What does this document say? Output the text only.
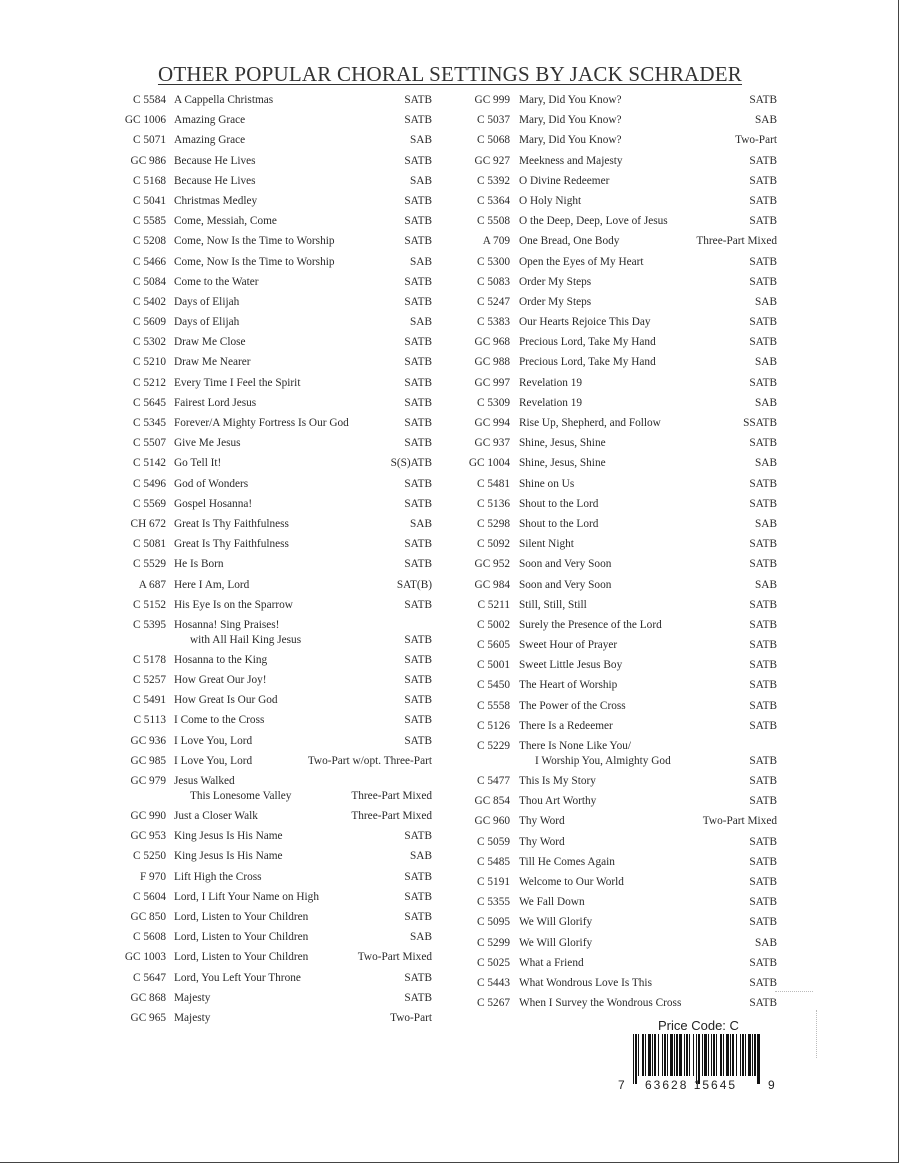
OTHER POPULAR CHORAL SETTINGS BY JACK SCHRADER
C 5584 A Cappella Christmas	SATB
GC 1006 Amazing Grace	SATB
C 5071 Amazing Grace	SAB
GC 986 Because He Lives	SATB
C 5168 Because He Lives	SAB
C 5041 Christmas Medley	SATB
C 5585 Come, Messiah, Come	SATB
C 5208 Come, Now Is the Time to Worship	SATB
C 5466 Come, Now Is the Time to Worship	SAB
C 5084 Come to the Water	SATB
C 5402 Days of Elijah	SATB
C 5609 Days of Elijah	SAB
C 5302 Draw Me Close	SATB
C 5210 Draw Me Nearer	SATB
C 5212 Every Time I Feel the Spirit	SATB
C 5645 Fairest Lord Jesus	SATB
C 5345 Forever/A Mighty Fortress Is Our God	SATB
C 5507 Give Me Jesus	SATB
C 5142 Go Tell It!	S(S)ATB
C 5496 God of Wonders	SATB
C 5569 Gospel Hosanna!	SATB
CH 672 Great Is Thy Faithfulness	SAB
C 5081 Great Is Thy Faithfulness	SATB
C 5529 He Is Born	SATB
A 687 Here I Am, Lord	SAT(B)
C 5152 His Eye Is on the Sparrow	SATB
C 5395 Hosanna! Sing Praises!
with All Hail King Jesus	SATB
C 5178 Hosanna to the King	SATB
C 5257 How Great Our Joy!	SATB
C 5491 How Great Is Our God	SATB
C 5113 I Come to the Cross	SATB
GC 936 I Love You, Lord	SATB
GC 985 I Love You, Lord	Two-Part w/opt. Three-Part
GC 979 Jesus Walked
This Lonesome Valley	Three-Part Mixed
GC 990 Just a Closer Walk	Three-Part Mixed
GC 953 King Jesus Is His Name	SATB
C 5250 King Jesus Is His Name	SAB
F 970 Lift High the Cross	SATB
C 5604 Lord, I Lift Your Name on High	SATB
GC 850 Lord, Listen to Your Children	SATB
C 5608 Lord, Listen to Your Children	SAB
GC 1003 Lord, Listen to Your Children	Two-Part Mixed
C 5647 Lord, You Left Your Throne	SATB
GC 868 Majesty	SATB
GC 965 Majesty	Two-Part
GC 999 Mary, Did You Know?	SATB
C 5037 Mary, Did You Know?	SAB
C 5068 Mary, Did You Know?	Two-Part
GC 927 Meekness and Majesty	SATB
C 5392 O Divine Redeemer	SATB
C 5364 O Holy Night	SATB
C 5508 O the Deep, Deep, Love of Jesus	SATB
A 709 One Bread, One Body	Three-Part Mixed
C 5300 Open the Eyes of My Heart	SATB
C 5083 Order My Steps	SATB
C 5247 Order My Steps	SAB
C 5383 Our Hearts Rejoice This Day	SATB
GC 968 Precious Lord, Take My Hand	SATB
GC 988 Precious Lord, Take My Hand	SAB
GC 997 Revelation 19	SATB
C 5309 Revelation 19	SAB
GC 994 Rise Up, Shepherd, and Follow	SSATB
GC 937 Shine, Jesus, Shine	SATB
GC 1004 Shine, Jesus, Shine	SAB
C 5481 Shine on Us	SATB
C 5136 Shout to the Lord	SATB
C 5298 Shout to the Lord	SAB
C 5092 Silent Night	SATB
GC 952 Soon and Very Soon	SATB
GC 984 Soon and Very Soon	SAB
C 5211 Still, Still, Still	SATB
C 5002 Surely the Presence of the Lord	SATB
C 5605 Sweet Hour of Prayer	SATB
C 5001 Sweet Little Jesus Boy	SATB
C 5450 The Heart of Worship	SATB
C 5558 The Power of the Cross	SATB
C 5126 There Is a Redeemer	SATB
C 5229 There Is None Like You/
I Worship You, Almighty God	SATB
C 5477 This Is My Story	SATB
GC 854 Thou Art Worthy	SATB
GC 960 Thy Word	Two-Part Mixed
C 5059 Thy Word	SATB
C 5485 Till He Comes Again	SATB
C 5191 Welcome to Our World	SATB
C 5355 We Fall Down	SATB
C 5095 We Will Glorify	SATB
C 5299 We Will Glorify	SAB
C 5025 What a Friend	SATB
C 5443 What Wondrous Love Is This	SATB
C 5267 When I Survey the Wondrous Cross	SATB
Price Code: C
7 63628 15645	9
